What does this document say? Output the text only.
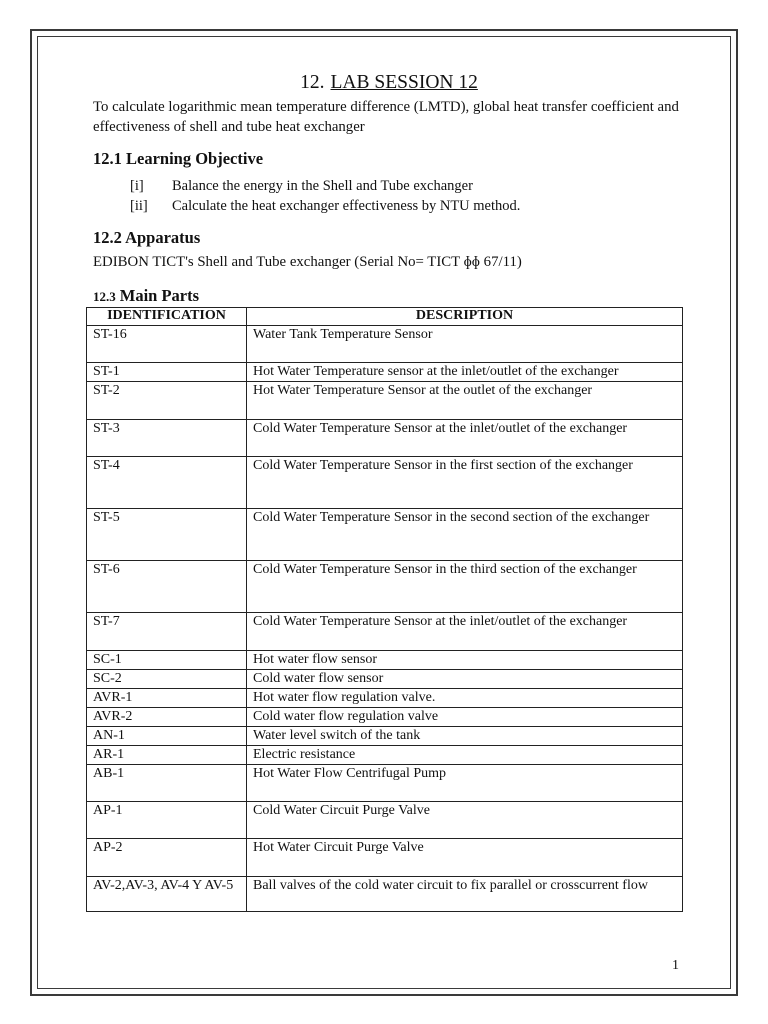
12. LAB SESSION 12
To calculate logarithmic mean temperature difference (LMTD), global heat transfer coefficient and effectiveness of shell and tube heat exchanger
12.1 Learning Objective
[i]	Balance the energy in the Shell and Tube exchanger
[ii]	Calculate the heat exchanger effectiveness by NTU method.
12.2 Apparatus
EDIBON TICT's Shell and Tube exchanger (Serial No= TICT ɸɸ 67/11)
12.3 Main Parts
IDENTIFICATION	DESCRIPTION
ST-16	Water Tank Temperature Sensor
ST-1	Hot Water Temperature sensor at the inlet/outlet of the exchanger
ST-2	Hot Water Temperature Sensor at the outlet of the exchanger
ST-3	Cold Water Temperature Sensor at the inlet/outlet of the exchanger
ST-4	Cold Water Temperature Sensor in the first section of the exchanger
ST-5	Cold Water Temperature Sensor in the second section of the exchanger
ST-6	Cold Water Temperature Sensor in the third section of the exchanger
ST-7	Cold Water Temperature Sensor at the inlet/outlet of the exchanger
SC-1	Hot water flow sensor
SC-2	Cold water flow sensor
AVR-1	Hot water flow regulation valve.
AVR-2	Cold water flow regulation valve
AN-1	Water level switch of the tank
AR-1	Electric resistance
AB-1	Hot Water Flow Centrifugal Pump
AP-1	Cold Water Circuit Purge Valve
AP-2	Hot Water Circuit Purge Valve
AV-2,AV-3, AV-4 Y AV-5	Ball valves of the cold water circuit to fix parallel or crosscurrent flow
1
